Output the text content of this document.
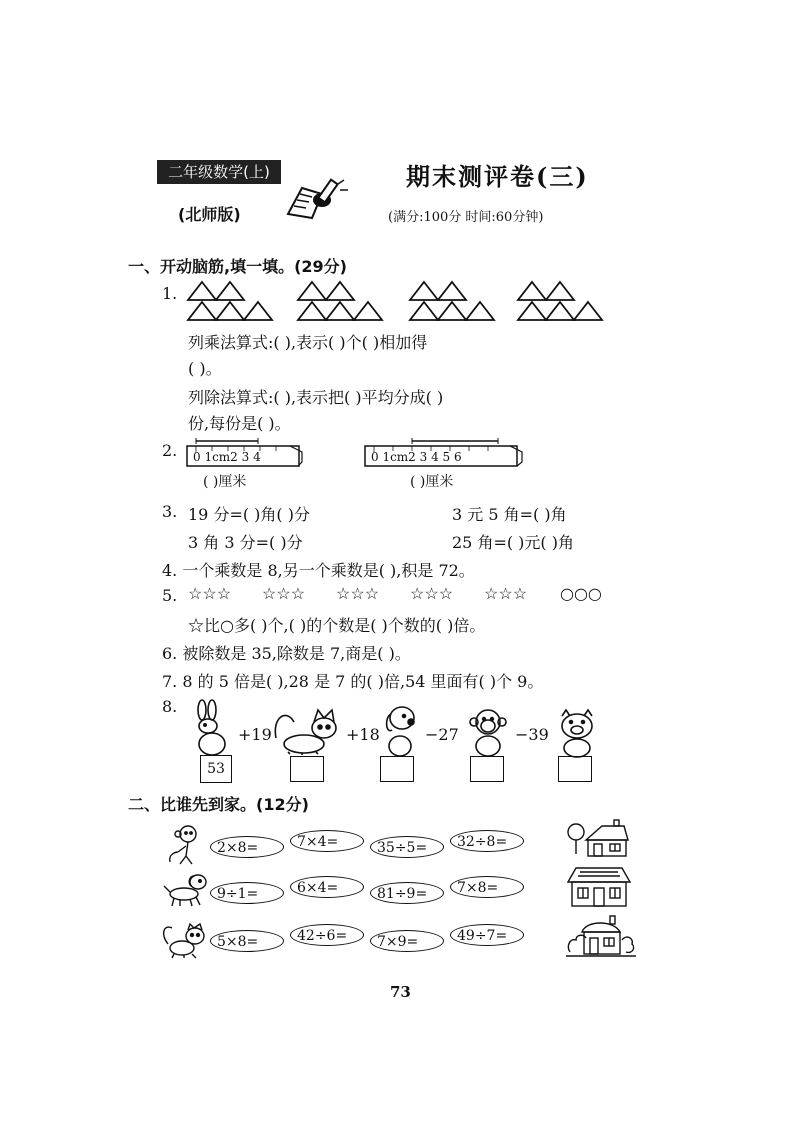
二年级数学(上)
(北师版)
期末测评卷(三)
(满分:100分 时间:60分钟)
一、开动脑筋,填一填。(29分)
1.
列乘法算式:( ),表示( )个( )相加得
( )。
列除法算式:( ),表示把( )平均分成( )
份,每份是( )。
2. 0 1cm2 3 4
( )厘米
0 1cm2 3 4 5 6
( )厘米
3. 19 分=( )角( )分	3 元 5 角=( )角
3 角 3 分=( )分	25 角=( )元( )角
4. 一个乘数是 8,另一个乘数是( ),积是 72。
5. ☆☆☆ ☆☆☆ ☆☆☆ ☆☆☆ ☆☆☆ ○○○
☆比○多( )个,( )的个数是( )个数的( )倍。
6. 被除数是 35,除数是 7,商是( )。
7. 8 的 5 倍是( ),28 是 7 的( )倍,54 里面有( )个 9。
8.
53
+19	+18	−27	−39
二、比谁先到家。(12分)
2×8=	7×4=	35÷5=	32÷8=
9÷1=	6×4=	81÷9=	7×8=
5×8=	42÷6=	7×9=	49÷7=
73
